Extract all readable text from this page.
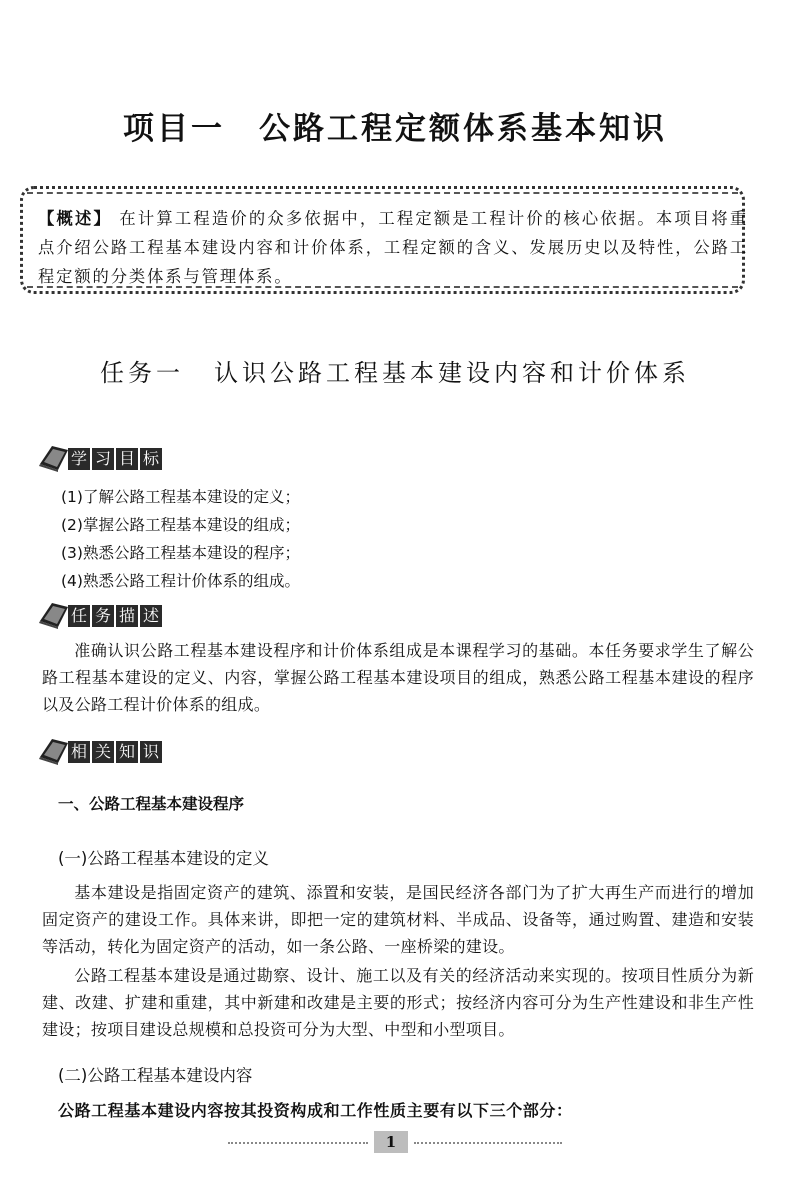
项目一 公路工程定额体系基本知识
【概述】 在计算工程造价的众多依据中，工程定额是工程计价的核心依据。本项目将重点介绍公路工程基本建设内容和计价体系，工程定额的含义、发展历史以及特性，公路工程定额的分类体系与管理体系。
任务一 认识公路工程基本建设内容和计价体系
学 习 目 标
(1)了解公路工程基本建设的定义；
(2)掌握公路工程基本建设的组成；
(3)熟悉公路工程基本建设的程序；
(4)熟悉公路工程计价体系的组成。
任 务 描 述
准确认识公路工程基本建设程序和计价体系组成是本课程学习的基础。本任务要求学生了解公路工程基本建设的定义、内容，掌握公路工程基本建设项目的组成，熟悉公路工程基本建设的程序以及公路工程计价体系的组成。
相 关 知 识
一、公路工程基本建设程序
(一)公路工程基本建设的定义
基本建设是指固定资产的建筑、添置和安装，是国民经济各部门为了扩大再生产而进行的增加固定资产的建设工作。具体来讲，即把一定的建筑材料、半成品、设备等，通过购置、建造和安装等活动，转化为固定资产的活动，如一条公路、一座桥梁的建设。
公路工程基本建设是通过勘察、设计、施工以及有关的经济活动来实现的。按项目性质分为新建、改建、扩建和重建，其中新建和改建是主要的形式；按经济内容可分为生产性建设和非生产性建设；按项目建设总规模和总投资可分为大型、中型和小型项目。
(二)公路工程基本建设内容
公路工程基本建设内容按其投资构成和工作性质主要有以下三个部分：
1
